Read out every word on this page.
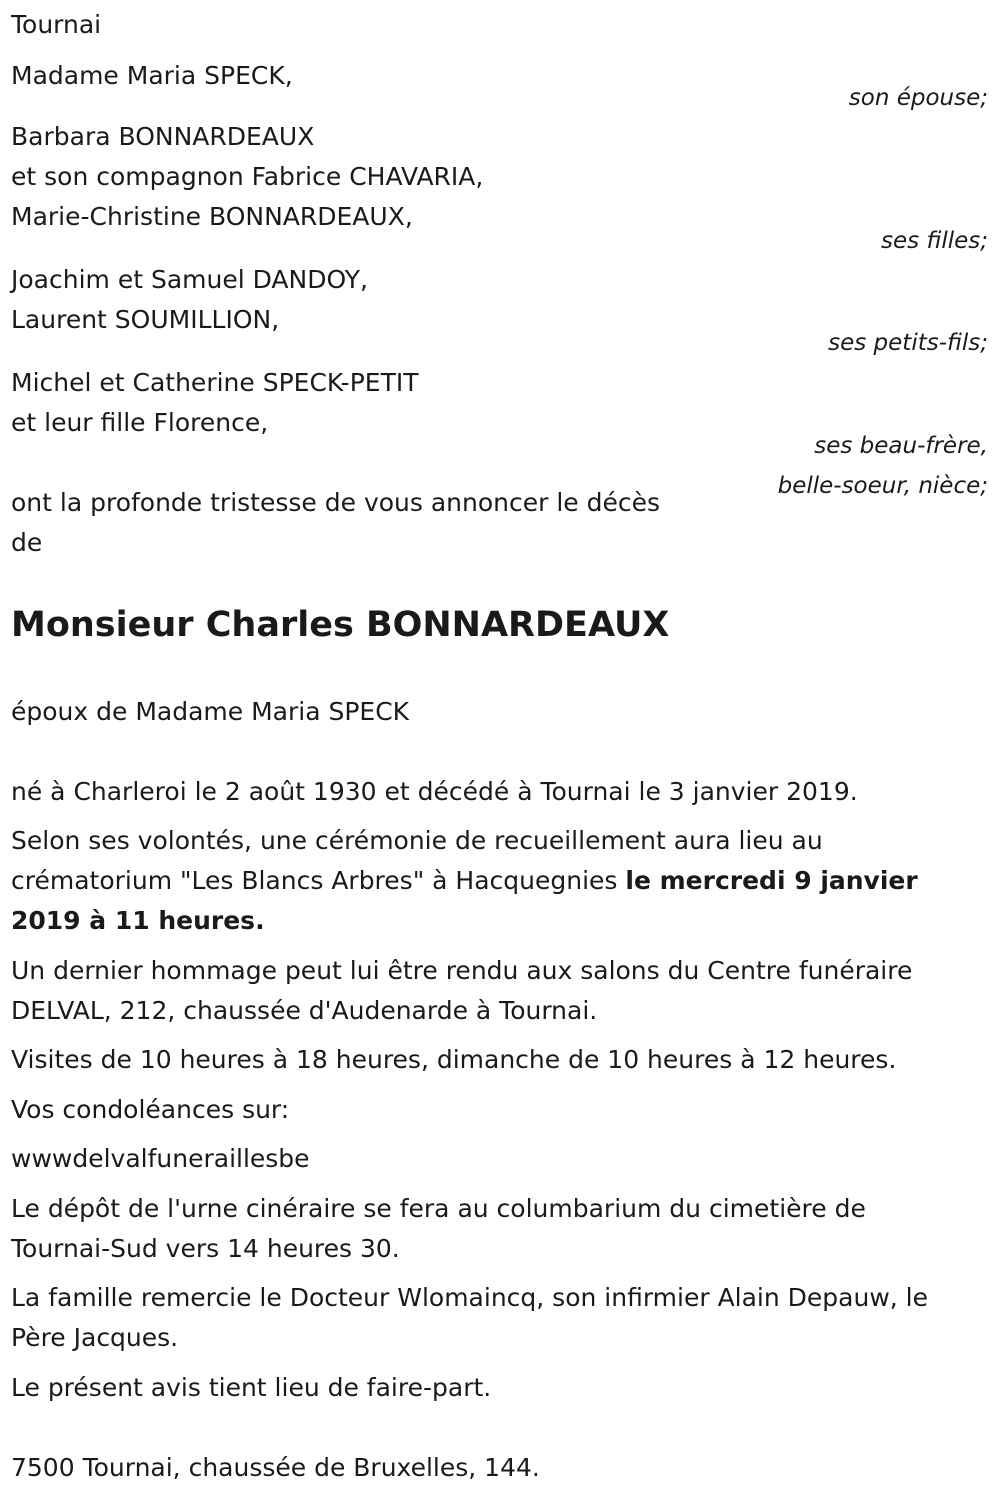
Tournai

Madame Maria SPECK,

son épouse;

Barbara BONNARDEAUX

et son compagnon Fabrice CHAVARIA,

Marie-Christine BONNARDEAUX,

ses filles;

Joachim et Samuel DANDOY,

Laurent SOUMILLION,

ses petits-fils;

Michel et Catherine SPECK-PETIT

et leur fille Florence,

ses beau-frère,

belle-soeur, nièce;

ont la profonde tristesse de vous annoncer le décès

de

Monsieur Charles BONNARDEAUX

époux de Madame Maria SPECK

né à Charleroi le 2 août 1930 et décédé à Tournai le 3 janvier 2019.

Selon ses volontés, une cérémonie de recueillement aura lieu au

crématorium "Les Blancs Arbres" à Hacquegnies le mercredi 9 janvier

2019 à 11 heures.

Un dernier hommage peut lui être rendu aux salons du Centre funéraire

DELVAL, 212, chaussée d'Audenarde à Tournai.

Visites de 10 heures à 18 heures, dimanche de 10 heures à 12 heures.

Vos condoléances sur:

wwwdelvalfuneraillesbe

Le dépôt de l'urne cinéraire se fera au columbarium du cimetière de

Tournai-Sud vers 14 heures 30.

La famille remercie le Docteur Wlomaincq, son infirmier Alain Depauw, le

Père Jacques.

Le présent avis tient lieu de faire-part.

7500 Tournai, chaussée de Bruxelles, 144.
